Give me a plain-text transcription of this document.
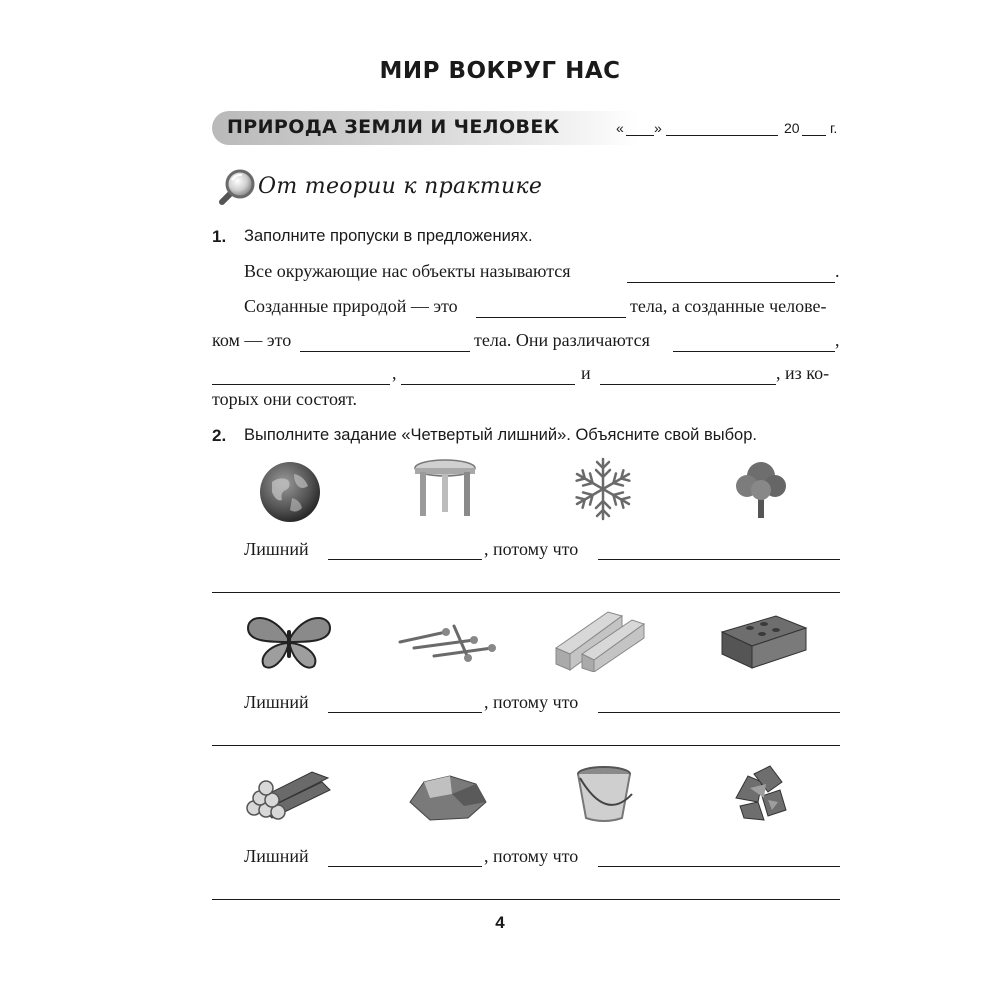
МИР ВОКРУГ НАС
ПРИРОДА ЗЕМЛИ И ЧЕЛОВЕК	« »	20 г.
От теории к практике
1. Заполните пропуски в предложениях.
Все окружающие нас объекты называются	.
Созданные природой — это	тела, а созданные челове-
ком — это	тела. Они различаются	,
,	и	, из ко-
торых они состоят.
2. Выполните задание «Четвертый лишний». Объясните свой выбор.
Лишний	, потому что
Лишний	, потому что
Лишний	, потому что
4
